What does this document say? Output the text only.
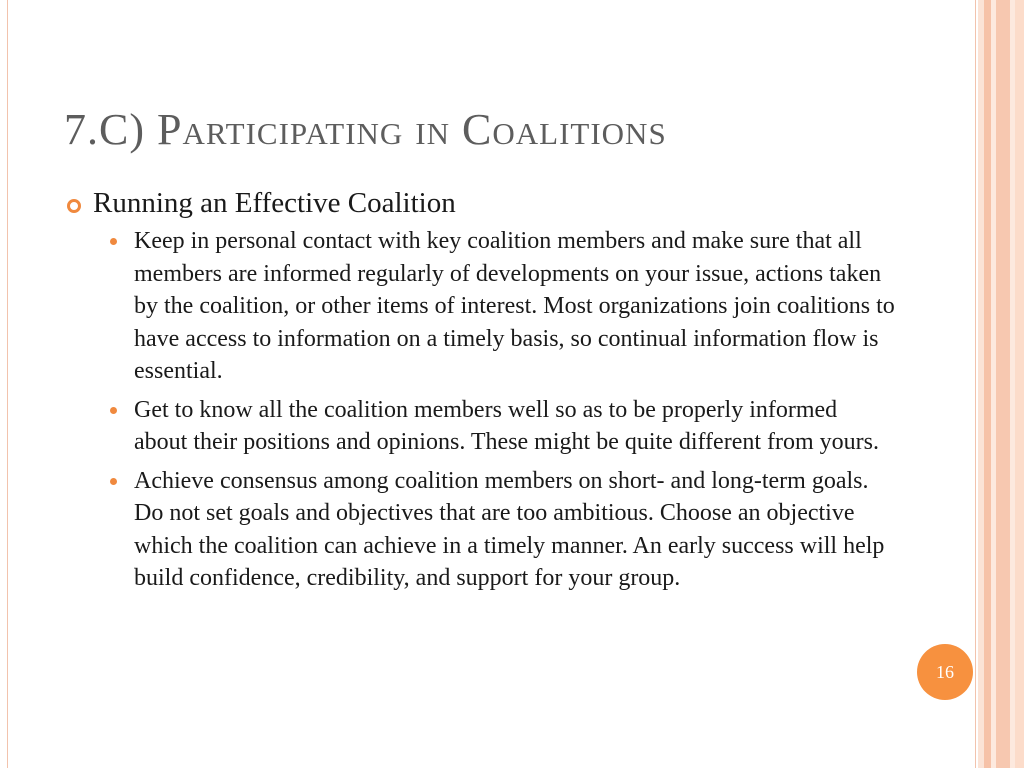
7.C) Participating in Coalitions
Running an Effective Coalition
Keep in personal contact with key coalition members and make sure that all members are informed regularly of developments on your issue, actions taken by the coalition, or other items of interest. Most organizations join coalitions to have access to information on a timely basis, so continual information flow is essential.
Get to know all the coalition members well so as to be properly informed about their positions and opinions. These might be quite different from yours.
Achieve consensus among coalition members on short- and long-term goals. Do not set goals and objectives that are too ambitious. Choose an objective which the coalition can achieve in a timely manner. An early success will help build confidence, credibility, and support for your group.
16
